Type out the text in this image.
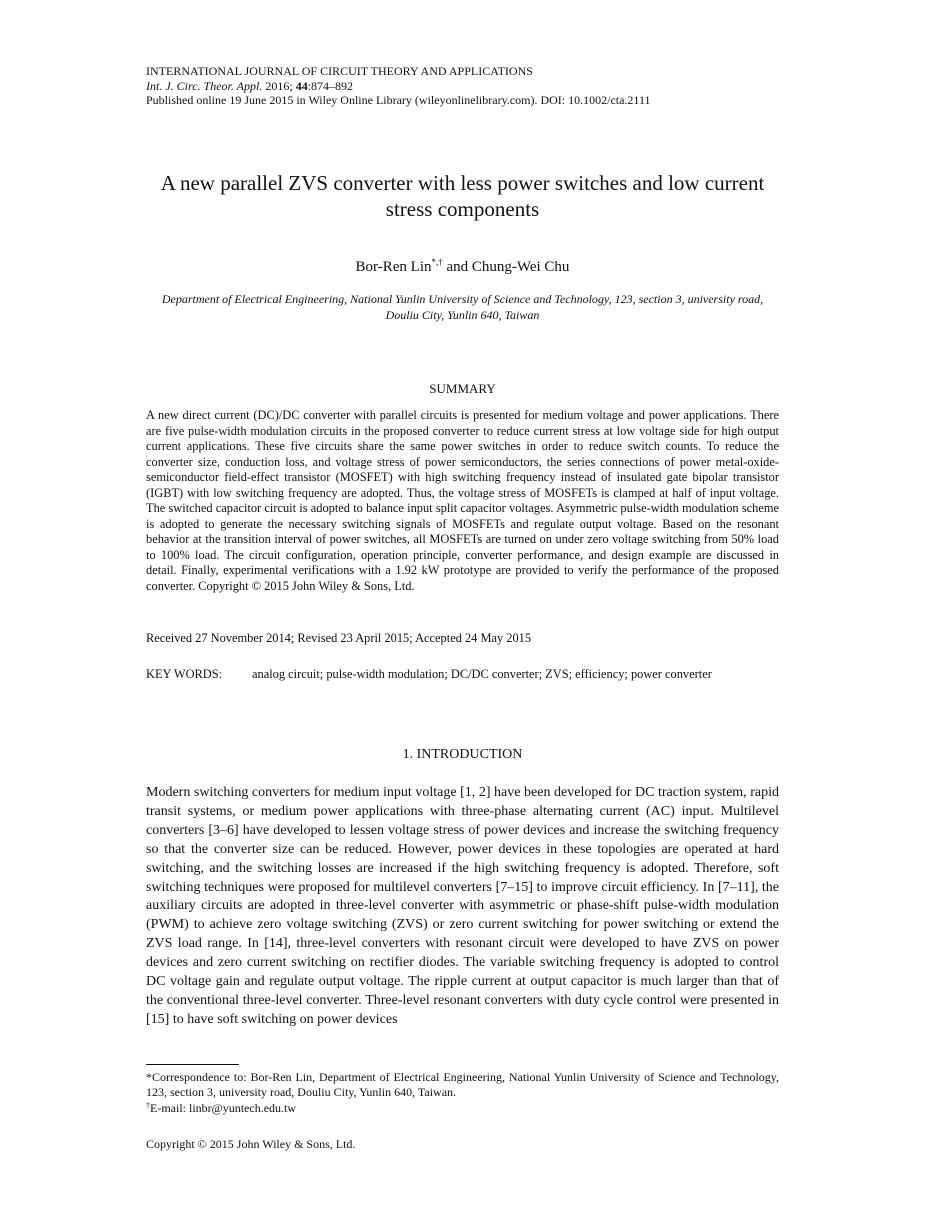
INTERNATIONAL JOURNAL OF CIRCUIT THEORY AND APPLICATIONS
Int. J. Circ. Theor. Appl. 2016; 44:874–892
Published online 19 June 2015 in Wiley Online Library (wileyonlinelibrary.com). DOI: 10.1002/cta.2111
A new parallel ZVS converter with less power switches and low current stress components
Bor-Ren Lin*,† and Chung-Wei Chu
Department of Electrical Engineering, National Yunlin University of Science and Technology, 123, section 3, university road, Douliu City, Yunlin 640, Taiwan
SUMMARY
A new direct current (DC)/DC converter with parallel circuits is presented for medium voltage and power applications. There are five pulse-width modulation circuits in the proposed converter to reduce current stress at low voltage side for high output current applications. These five circuits share the same power switches in order to reduce switch counts. To reduce the converter size, conduction loss, and voltage stress of power semiconductors, the series connections of power metal-oxide-semiconductor field-effect transistor (MOSFET) with high switching frequency instead of insulated gate bipolar transistor (IGBT) with low switching frequency are adopted. Thus, the voltage stress of MOSFETs is clamped at half of input voltage. The switched capacitor circuit is adopted to balance input split capacitor voltages. Asymmetric pulse-width modulation scheme is adopted to generate the necessary switching signals of MOSFETs and regulate output voltage. Based on the resonant behavior at the transition interval of power switches, all MOSFETs are turned on under zero voltage switching from 50% load to 100% load. The circuit configuration, operation principle, converter performance, and design example are discussed in detail. Finally, experimental verifications with a 1.92 kW prototype are provided to verify the performance of the proposed converter. Copyright © 2015 John Wiley & Sons, Ltd.
Received 27 November 2014; Revised 23 April 2015; Accepted 24 May 2015
KEY WORDS: analog circuit; pulse-width modulation; DC/DC converter; ZVS; efficiency; power converter
1. INTRODUCTION
Modern switching converters for medium input voltage [1, 2] have been developed for DC traction system, rapid transit systems, or medium power applications with three-phase alternating current (AC) input. Multilevel converters [3–6] have developed to lessen voltage stress of power devices and increase the switching frequency so that the converter size can be reduced. However, power devices in these topologies are operated at hard switching, and the switching losses are increased if the high switching frequency is adopted. Therefore, soft switching techniques were proposed for multilevel converters [7–15] to improve circuit efficiency. In [7–11], the auxiliary circuits are adopted in three-level converter with asymmetric or phase-shift pulse-width modulation (PWM) to achieve zero voltage switching (ZVS) or zero current switching for power switching or extend the ZVS load range. In [14], three-level converters with resonant circuit were developed to have ZVS on power devices and zero current switching on rectifier diodes. The variable switching frequency is adopted to control DC voltage gain and regulate output voltage. The ripple current at output capacitor is much larger than that of the conventional three-level converter. Three-level resonant converters with duty cycle control were presented in [15] to have soft switching on power devices
*Correspondence to: Bor-Ren Lin, Department of Electrical Engineering, National Yunlin University of Science and Technology, 123, section 3, university road, Douliu City, Yunlin 640, Taiwan.
†E-mail: linbr@yuntech.edu.tw
Copyright © 2015 John Wiley & Sons, Ltd.
